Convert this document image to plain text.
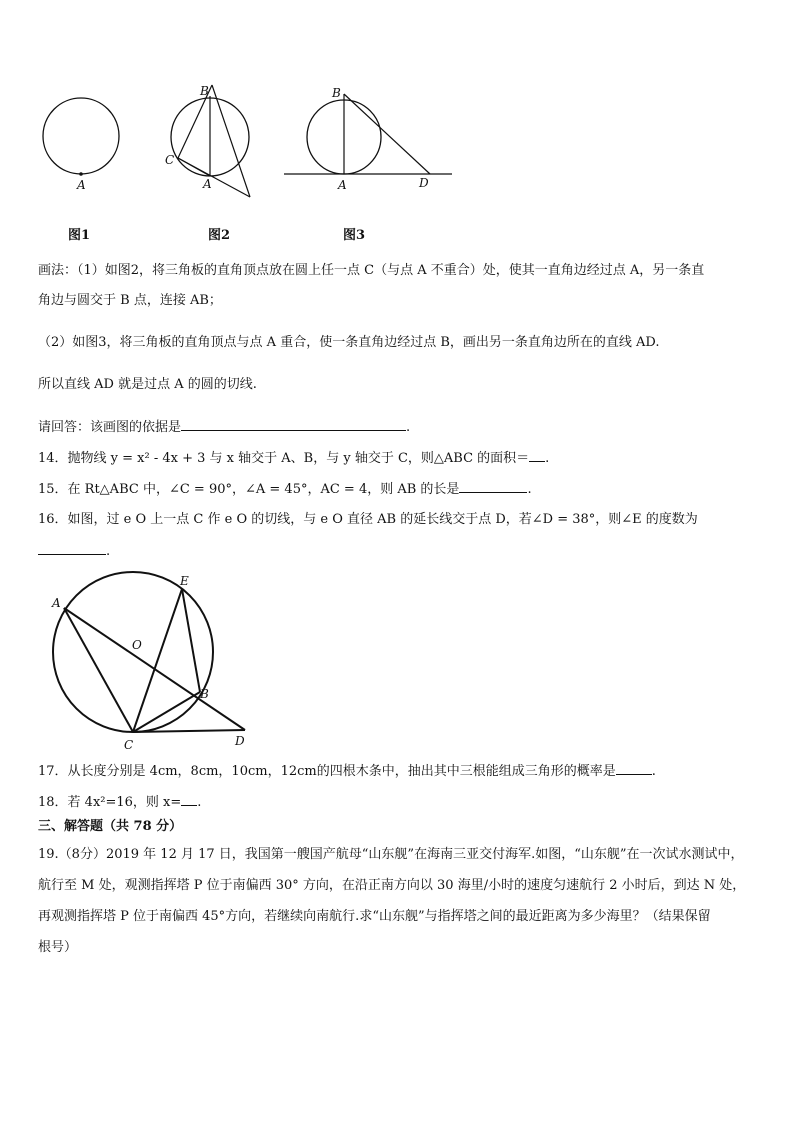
A
图1
B
C
A
图2
B
A	D
图3
画法：（1）如图2，将三角板的直角顶点放在圆上任一点 C（与点 A 不重合）处，使其一直角边经过点 A，另一条直
角边与圆交于 B 点，连接 AB；
（2）如图3，将三角板的直角顶点与点 A 重合，使一条直角边经过点 B，画出另一条直角边所在的直线 AD.
所以直线 AD 就是过点 A 的圆的切线.
请回答：该画图的依据是	.
14．抛物线 y = x² - 4x + 3 与 x 轴交于 A、B，与 y 轴交于 C，则△ABC 的面积＝ .
15．在 Rt△ABC 中，∠C = 90°，∠A = 45°，AC = 4，则 AB 的长是	.
16．如图，过 e O 上一点 C 作 e O 的切线，与 e O 直径 AB 的延长线交于点 D，若∠D = 38°，则∠E 的度数为
.
A
E
O
B
C	D
17．从长度分别是 4cm，8cm，10cm，12cm的四根木条中，抽出其中三根能组成三角形的概率是	.
18．若 4x²=16，则 x= .
三、解答题（共 78 分）
19.（8分）2019 年 12 月 17 日，我国第一艘国产航母“山东舰”在海南三亚交付海军.如图，“山东舰”在一次试水测试中，
航行至 M 处，观测指挥塔 P 位于南偏西 30° 方向，在沿正南方向以 30 海里/小时的速度匀速航行 2 小时后，到达 N 处，
再观测指挥塔 P 位于南偏西 45°方向，若继续向南航行.求“山东舰”与指挥塔之间的最近距离为多少海里？（结果保留
根号）
